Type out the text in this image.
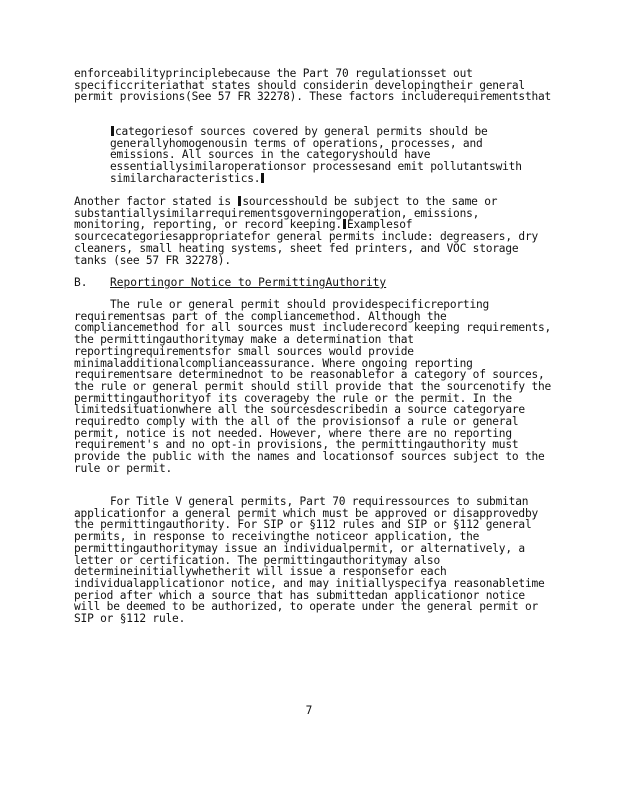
enforceabilityprinciplebecause the Part 70 regulationsset out specificcriteriathat states should considerin developingtheir general permit provisions(See 57 FR 32278). These factors includerequirementsthat
categoriesof sources covered by general permits should be generallyhomogenousin terms of operations, processes, and emissions. All sources in the categoryshould have essentiallysimilaroperationsor processesand emit pollutantswith similarcharacteristics.
Another factor stated is sourcesshould be subject to the same or substantiallysimilarrequirementsgoverningoperation, emissions, monitoring, reporting, or record keeping. Examplesof sourcecategoriesappropriatefor general permits include: degreasers, dry cleaners, small heating systems, sheet fed printers, and VOC storage tanks (see 57 FR 32278).
B. Reportingor Notice to PermittingAuthority
The rule or general permit should providespecificreporting requirementsas part of the compliancemethod. Although the compliancemethod for all sources must includerecord keeping requirements, the permittingauthoritymay make a determination that reportingrequirementsfor small sources would provide minimaladditionalcomplianceassurance. Where ongoing reporting requirementsare determinednot to be reasonablefor a category of sources, the rule or general permit should still provide that the sourcenotify the permittingauthorityof its coverageby the rule or the permit. In the limitedsituationwhere all the sourcesdescribedin a source categoryare requiredto comply with the all of the provisionsof a rule or general permit, notice is not needed. However, where there are no reporting requirement's and no opt-in provisions, the permittingauthority must provide the public with the names and locationsof sources subject to the rule or permit.
For Title V general permits, Part 70 requiressources to submitan applicationfor a general permit which must be approved or disapprovedby the permittingauthority. For SIP or §112 rules and SIP or §112 general permits, in response to receivingthe noticeor application, the permittingauthoritymay issue an individualpermit, or alternatively, a letter or certification. The permittingauthoritymay also determineinitiallywhetherit will issue a responsefor each individualapplicationor notice, and may initiallyspecifya reasonabletime period after which a source that has submittedan applicationor notice will be deemed to be authorized, to operate under the general permit or SIP or §112 rule.
7
